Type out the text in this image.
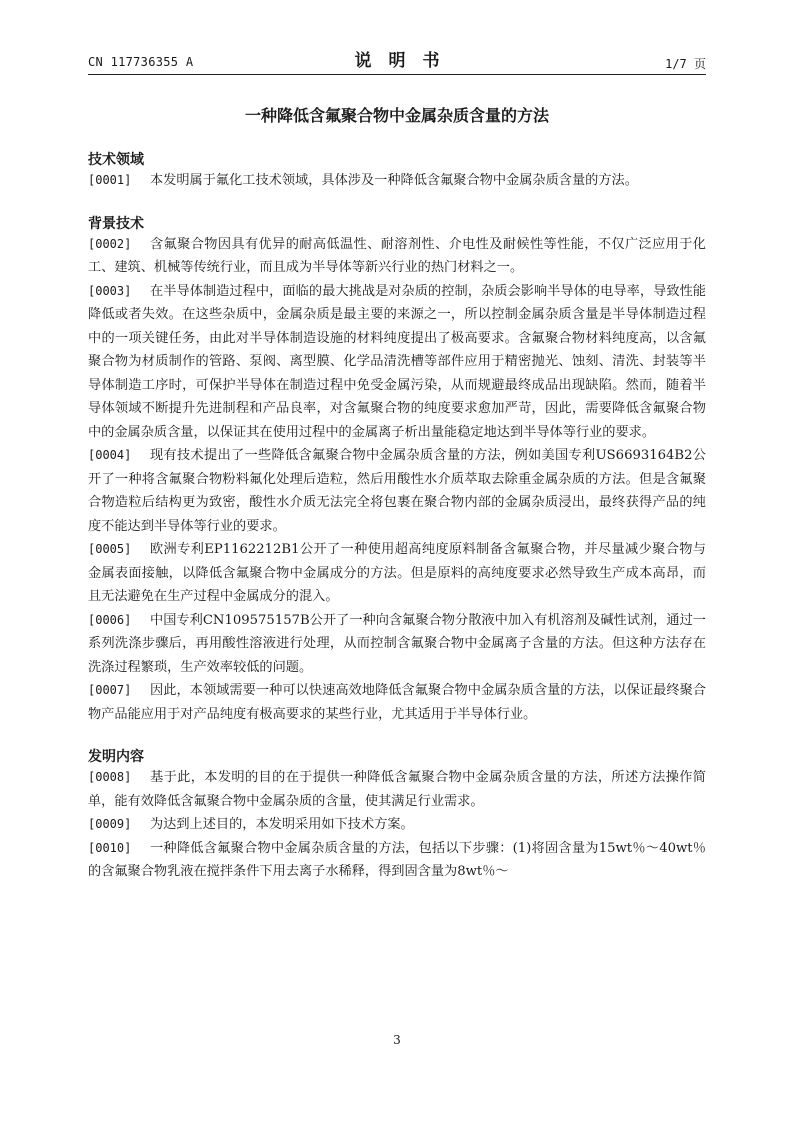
CN 117736355 A	说　明　书	1/7 页
一种降低含氟聚合物中金属杂质含量的方法
技术领域
[0001]	本发明属于氟化工技术领域，具体涉及一种降低含氟聚合物中金属杂质含量的方法。
背景技术
[0002]	含氟聚合物因具有优异的耐高低温性、耐溶剂性、介电性及耐候性等性能，不仅广泛应用于化工、建筑、机械等传统行业，而且成为半导体等新兴行业的热门材料之一。
[0003]	在半导体制造过程中，面临的最大挑战是对杂质的控制，杂质会影响半导体的电导率，导致性能降低或者失效。在这些杂质中，金属杂质是最主要的来源之一，所以控制金属杂质含量是半导体制造过程中的一项关键任务，由此对半导体制造设施的材料纯度提出了极高要求。含氟聚合物材料纯度高，以含氟聚合物为材质制作的管路、泵阀、离型膜、化学品清洗槽等部件应用于精密抛光、蚀刻、清洗、封装等半导体制造工序时，可保护半导体在制造过程中免受金属污染，从而规避最终成品出现缺陷。然而，随着半导体领域不断提升先进制程和产品良率，对含氟聚合物的纯度要求愈加严苛，因此，需要降低含氟聚合物中的金属杂质含量，以保证其在使用过程中的金属离子析出量能稳定地达到半导体等行业的要求。
[0004]	现有技术提出了一些降低含氟聚合物中金属杂质含量的方法，例如美国专利US6693164B2公开了一种将含氟聚合物粉料氟化处理后造粒，然后用酸性水介质萃取去除重金属杂质的方法。但是含氟聚合物造粒后结构更为致密，酸性水介质无法完全将包裹在聚合物内部的金属杂质浸出，最终获得产品的纯度不能达到半导体等行业的要求。
[0005]	欧洲专利EP1162212B1公开了一种使用超高纯度原料制备含氟聚合物，并尽量减少聚合物与金属表面接触，以降低含氟聚合物中金属成分的方法。但是原料的高纯度要求必然导致生产成本高昂，而且无法避免在生产过程中金属成分的混入。
[0006]	中国专利CN109575157B公开了一种向含氟聚合物分散液中加入有机溶剂及碱性试剂，通过一系列洗涤步骤后，再用酸性溶液进行处理，从而控制含氟聚合物中金属离子含量的方法。但这种方法存在洗涤过程繁琐，生产效率较低的问题。
[0007]	因此，本领域需要一种可以快速高效地降低含氟聚合物中金属杂质含量的方法，以保证最终聚合物产品能应用于对产品纯度有极高要求的某些行业，尤其适用于半导体行业。
发明内容
[0008]	基于此，本发明的目的在于提供一种降低含氟聚合物中金属杂质含量的方法，所述方法操作简单，能有效降低含氟聚合物中金属杂质的含量，使其满足行业需求。
[0009]	为达到上述目的，本发明采用如下技术方案。
[0010]	一种降低含氟聚合物中金属杂质含量的方法，包括以下步骤：(1)将固含量为15wt％～40wt％的含氟聚合物乳液在搅拌条件下用去离子水稀释，得到固含量为8wt％～
3
